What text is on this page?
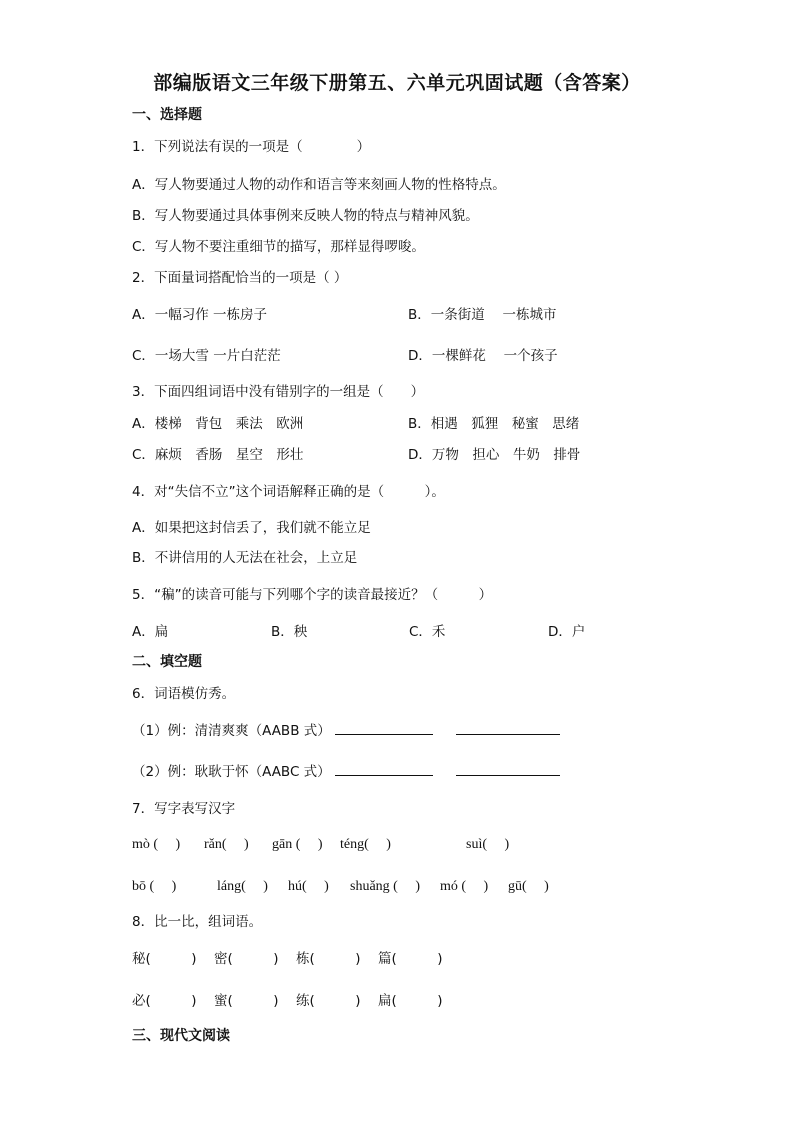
部编版语文三年级下册第五、六单元巩固试题（含答案）
一、选择题
1．下列说法有误的一项是（　　　　）
A．写人物要通过人物的动作和语言等来刻画人物的性格特点。
B．写人物要通过具体事例来反映人物的特点与精神风貌。
C．写人物不要注重细节的描写，那样显得啰唆。
2．下面量词搭配恰当的一项是（ ）
A．一幅习作 一栋房子	B．一条街道　 一栋城市
C．一场大雪 一片白茫茫	D．一棵鲜花　 一个孩子
3．下面四组词语中没有错别字的一组是（　　）
A．楼梯　背包　乘法　欧洲	B．相遇　狐狸　秘蜜　思绪
C．麻烦　香肠　星空　形壮	D．万物　担心　牛奶　排骨
4．对“失信不立”这个词语解释正确的是（　　　）。
A．如果把这封信丢了，我们就不能立足
B．不讲信用的人无法在社会，上立足
5．“稨”的读音可能与下列哪个字的读音最接近？（　　　）
A．扁	B．秧	C．禾	D．户
二、填空题
6．词语模仿秀。
（1）例：清清爽爽（AABB 式）
（2）例：耿耿于怀（AABC 式）
7．写字表写汉字
mò (　 ) rǎn(　 ) gān (　 ) téng(　 )	suì(　 )
bō (　 )	láng(　 ) hú(　 ) shuǎng (　 ) mó (　 ) gū(　 )
8．比一比，组词语。
秘(　　　) 密(　　　) 栋(　　　) 篇(　　　)
必(　　　) 蜜(　　　) 练(　　　) 扁(　　　)
三、现代文阅读
